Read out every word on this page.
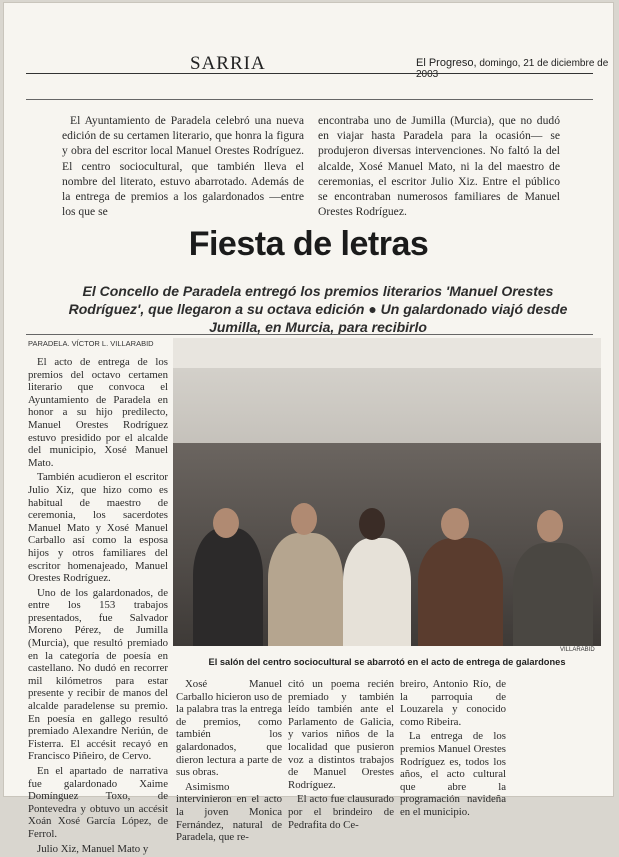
SARRIA	El Progreso, domingo, 21 de diciembre de 2003
El Ayuntamiento de Paradela celebró una nueva edición de su certamen literario, que honra la figura y obra del escritor local Manuel Orestes Rodríguez. El centro sociocultural, que también lleva el nombre del literato, estuvo abarrotado. Además de la entrega de premios a los galardonados —entre los que se
encontraba uno de Jumilla (Murcia), que no dudó en viajar hasta Paradela para la ocasión— se produjeron diversas intervenciones. No faltó la del alcalde, Xosé Manuel Mato, ni la del maestro de ceremonias, el escritor Julio Xiz. Entre el público se encontraban numerosos familiares de Manuel Orestes Rodríguez.
Fiesta de letras
El Concello de Paradela entregó los premios literarios 'Manuel Orestes Rodríguez', que llegaron a su octava edición ● Un galardonado viajó desde Jumilla, en Murcia, para recibirlo
PARADELA. VÍCTOR L. VILLARABID

El acto de entrega de los premios del octavo certamen literario que convoca el Ayuntamiento de Paradela en honor a su hijo predilecto, Manuel Orestes Rodríguez estuvo presidido por el alcalde del municipio, Xosé Manuel Mato.

También acudieron el escritor Julio Xiz, que hizo como es habitual de maestro de ceremonia, los sacerdotes Manuel Mato y Xosé Manuel Carballo así como la esposa hijos y otros familiares del escritor homenajeado, Manuel Orestes Rodríguez.

Uno de los galardonados, de entre los 153 trabajos presentados, fue Salvador Moreno Pérez, de Jumilla (Murcia), que resultó premiado en la categoría de poesía en castellano. No dudó en recorrer mil kilómetros para estar presente y recibir de manos del alcalde paradelense su premio. En poesía en gallego resultó premiado Alexandre Neriún, de Fisterra. El accésit recayó en Francisco Piñeiro, de Cervo.

En el apartado de narrativa fue galardonado Xaime Domínguez Toxo, de Pontevedra y obtuvo un accésit Xoán Xosé García López, de Ferrol.

Julio Xiz, Manuel Mato y

VILLARABID
El salón del centro sociocultural se abarrotó en el acto de entrega de galardones

Xosé Manuel Carballo hicieron uso de la palabra tras la entrega de premios, como también los galardonados, que dieron lectura a parte de sus obras.

Asimismo intervinieron en el acto la joven Monica Fernández, natural de Paradela, que re-

citó un poema recién premiado y también leído también ante el Parlamento de Galicia, y varios niños de la localidad que pusieron voz a distintos trabajos de Manuel Orestes Rodríguez.

El acto fue clausurado por el brindeiro de Pedrafita do Ce-

breiro, Antonio Río, de la parroquia de Louzarela y conocido como Ribeira.

La entrega de los premios Manuel Orestes Rodríguez es, todos los años, el acto cultural que abre la programación navideña en el municipio.
